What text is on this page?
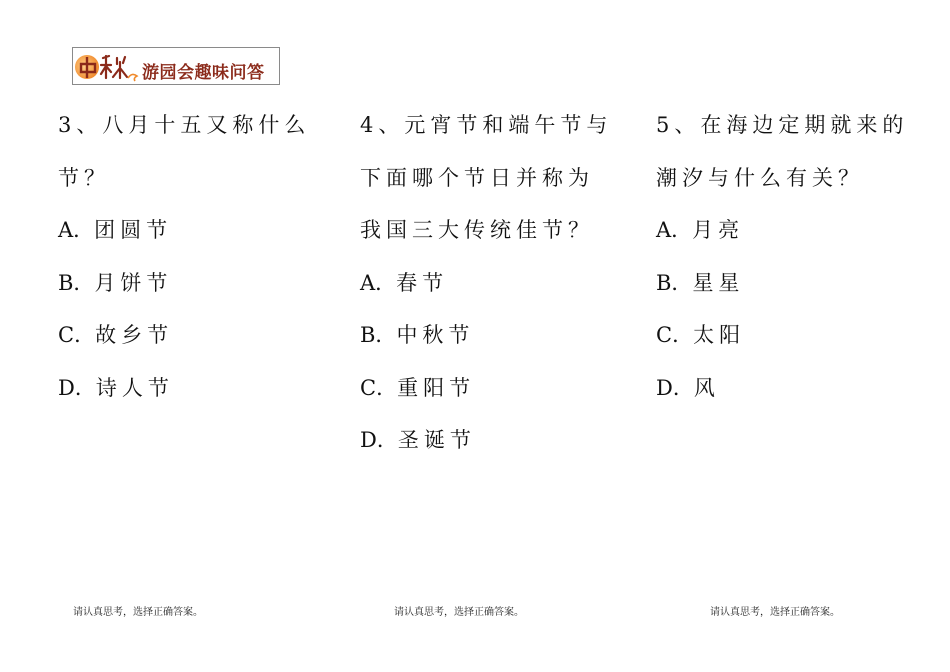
游园会趣味问答
3、八月十五又称什么
节？
A．团圆节
B．月饼节
C．故乡节
D．诗人节
4、元宵节和端午节与
下面哪个节日并称为
我国三大传统佳节？
A．春节
B．中秋节
C．重阳节
D．圣诞节
5、在海边定期就来的
潮汐与什么有关？
A．月亮
B．星星
C．太阳
D．风
请认真思考，选择正确答案。	请认真思考，选择正确答案。	请认真思考，选择正确答案。
